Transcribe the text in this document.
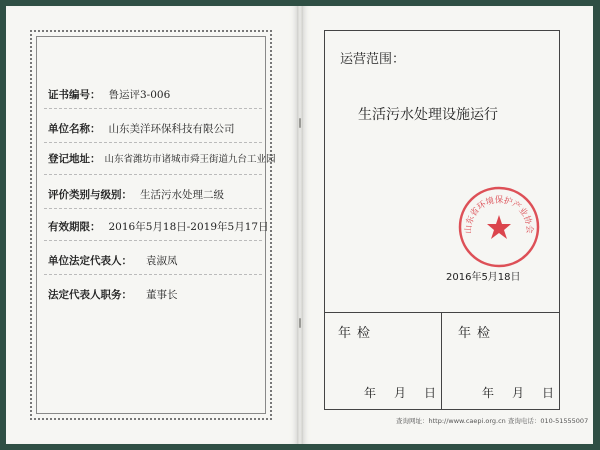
证书编号： 鲁运评3-006
单位名称： 山东美洋环保科技有限公司
登记地址： 山东省潍坊市诸城市舜王街道九台工业园
评价类别与级别： 生活污水处理二级
有效期限： 2016年5月18日-2019年5月17日
单位法定代表人： 袁淑凤
法定代表人职务： 董事长
运营范围：
生活污水处理设施运行
山东省环境保护产业协会
2016年5月18日
年检	年检
年 月 日	年 月 日
查询网址：http://www.caepi.org.cn 查询电话：010-51555007
